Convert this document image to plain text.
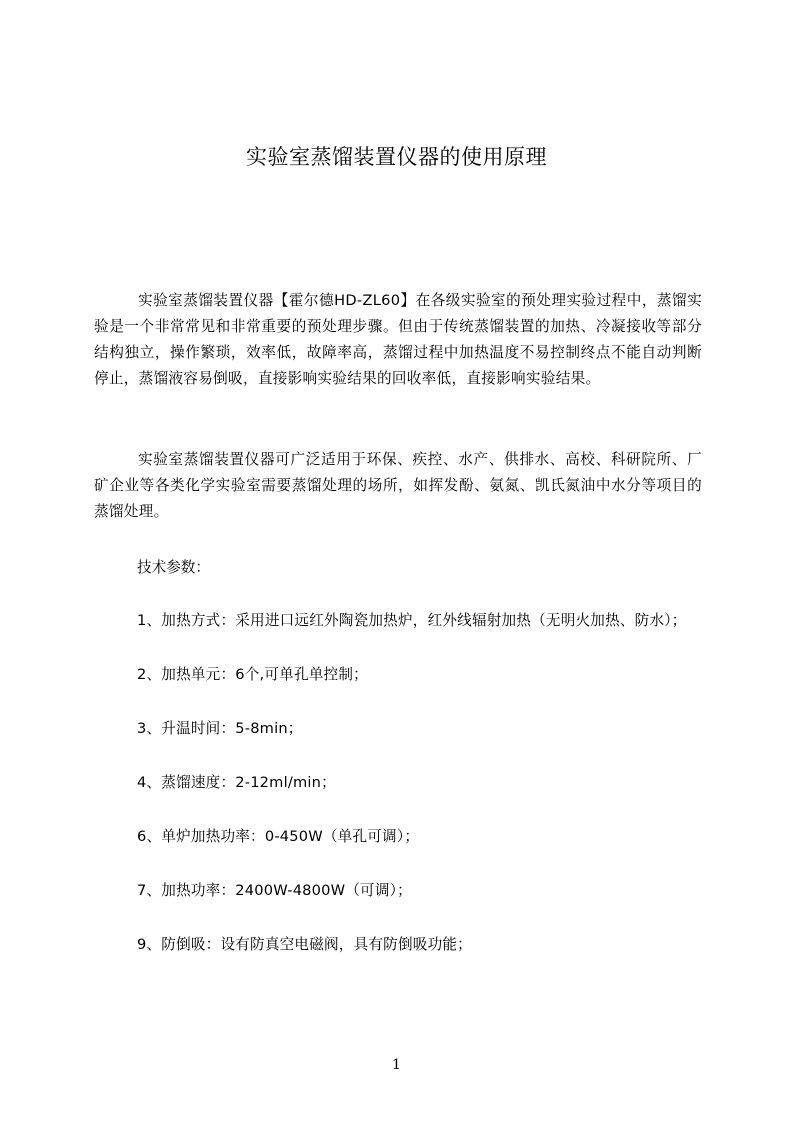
实验室蒸馏装置仪器的使用原理

实验室蒸馏装置仪器【霍尔德HD-ZL60】在各级实验室的预处理实验过程中，蒸馏实验是一个非常常见和非常重要的预处理步骤。但由于传统蒸馏装置的加热、冷凝接收等部分结构独立，操作繁琐，效率低，故障率高，蒸馏过程中加热温度不易控制终点不能自动判断停止，蒸馏液容易倒吸，直接影响实验结果的回收率低，直接影响实验结果。

实验室蒸馏装置仪器可广泛适用于环保、疾控、水产、供排水、高校、科研院所、厂矿企业等各类化学实验室需要蒸馏处理的场所，如挥发酚、氨氮、凯氏氮油中水分等项目的蒸馏处理。

技术参数：
1、加热方式：采用进口远红外陶瓷加热炉，红外线辐射加热（无明火加热、防水）；
2、加热单元：6个,可单孔单控制；
3、升温时间：5-8min；
4、蒸馏速度：2-12ml/min；
6、单炉加热功率：0-450W（单孔可调）；
7、加热功率：2400W-4800W（可调）；
9、防倒吸：设有防真空电磁阀，具有防倒吸功能；
1
